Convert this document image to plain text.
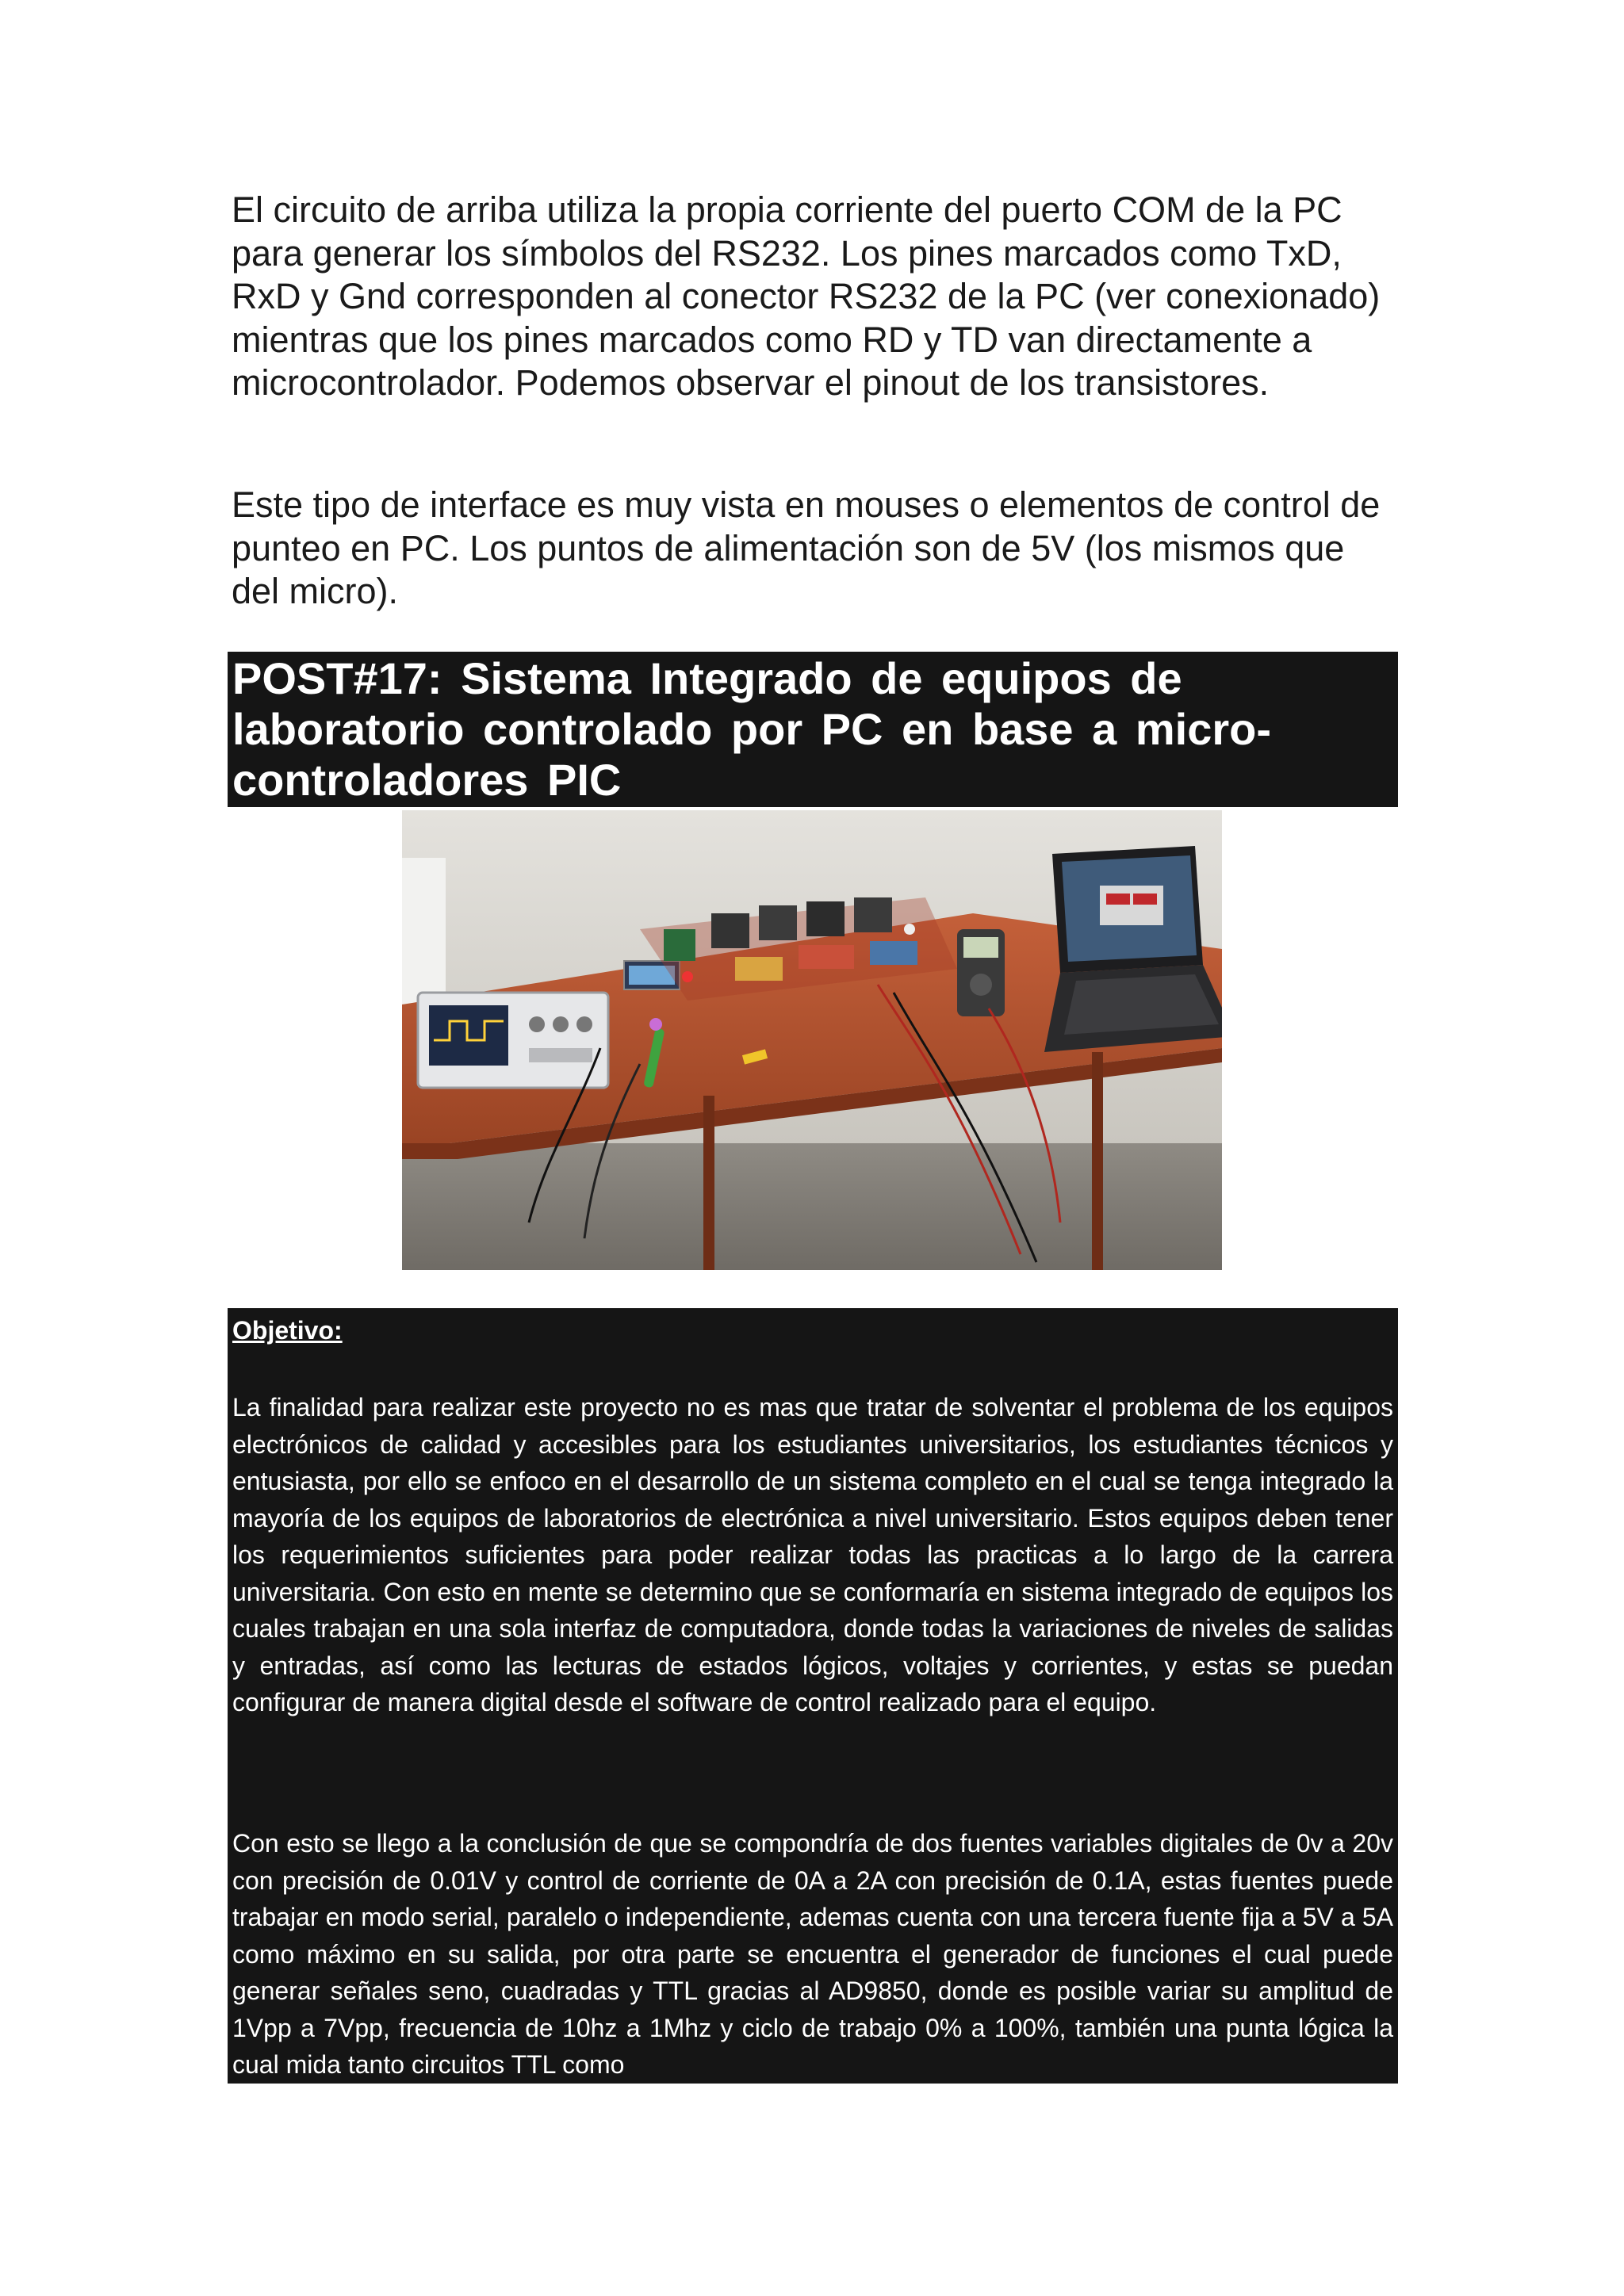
El circuito de arriba utiliza la propia corriente del puerto COM de la PC para generar los símbolos del RS232. Los pines marcados como TxD, RxD y Gnd corresponden al conector RS232 de la PC (ver conexionado) mientras que los pines marcados como RD y TD van directamente a microcontrolador. Podemos observar el pinout de los transistores.

Este tipo de interface es muy vista en mouses o elementos de control de punteo en PC. Los puntos de alimentación son de 5V (los mismos que del micro).

POST#17: Sistema Integrado de equipos de
laboratorio controlado por PC en base a micro-
controladores PIC
Objetivo:

La finalidad para realizar este proyecto no es mas que tratar de solventar el problema de los equipos electrónicos de calidad y accesibles para los estudiantes universitarios, los estudiantes técnicos y entusiasta, por ello se enfoco en el desarrollo de un sistema completo en el cual se tenga integrado la mayoría de los equipos de laboratorios de electrónica a nivel universitario. Estos equipos deben tener los requerimientos suficientes para poder realizar todas las practicas a lo largo de la carrera universitaria. Con esto en mente se determino que se conformaría en sistema integrado de equipos los cuales trabajan en una sola interfaz de computadora, donde todas la variaciones de niveles de salidas y entradas, así como las lecturas de estados lógicos, voltajes y corrientes, y estas se puedan configurar de manera digital desde el software de control realizado para el equipo.

Con esto se llego a la conclusión de que se compondría de dos fuentes variables digitales de 0v a 20v con precisión de 0.01V y control de corriente de 0A a 2A con precisión de 0.1A, estas fuentes puede trabajar en modo serial, paralelo o independiente, ademas cuenta con una tercera fuente fija a 5V a 5A como máximo en su salida, por otra parte se encuentra el generador de funciones el cual puede generar señales seno, cuadradas y TTL gracias al AD9850, donde es posible variar su amplitud de 1Vpp a 7Vpp, frecuencia de 10hz a 1Mhz y ciclo de trabajo 0% a 100%, también una punta lógica la cual mida tanto circuitos TTL como
